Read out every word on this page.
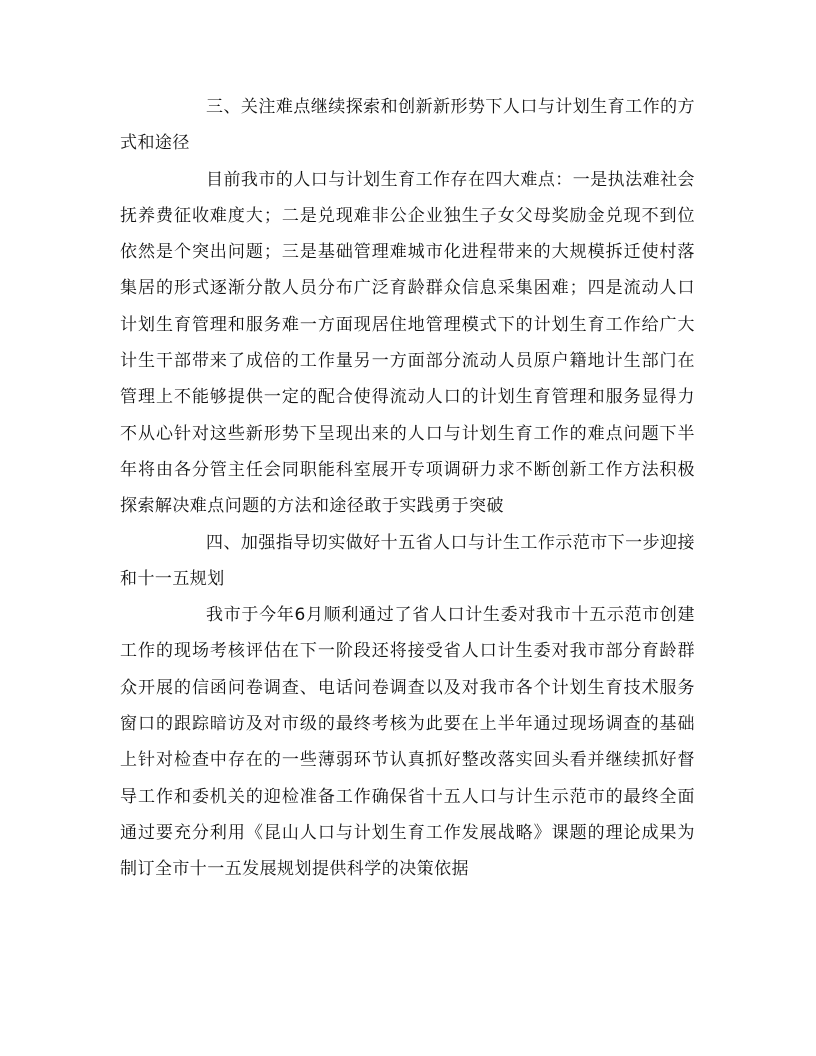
三、关注难点继续探索和创新新形势下人口与计划生育工作的方式和途径

目前我市的人口与计划生育工作存在四大难点：一是执法难社会抚养费征收难度大；二是兑现难非公企业独生子女父母奖励金兑现不到位依然是个突出问题；三是基础管理难城市化进程带来的大规模拆迁使村落集居的形式逐渐分散人员分布广泛育龄群众信息采集困难；四是流动人口计划生育管理和服务难一方面现居住地管理模式下的计划生育工作给广大计生干部带来了成倍的工作量另一方面部分流动人员原户籍地计生部门在管理上不能够提供一定的配合使得流动人口的计划生育管理和服务显得力不从心针对这些新形势下呈现出来的人口与计划生育工作的难点问题下半年将由各分管主任会同职能科室展开专项调研力求不断创新工作方法积极探索解决难点问题的方法和途径敢于实践勇于突破

四、加强指导切实做好十五省人口与计生工作示范市下一步迎接和十一五规划

我市于今年6月顺利通过了省人口计生委对我市十五示范市创建工作的现场考核评估在下一阶段还将接受省人口计生委对我市部分育龄群众开展的信函问卷调查、电话问卷调查以及对我市各个计划生育技术服务窗口的跟踪暗访及对市级的最终考核为此要在上半年通过现场调查的基础上针对检查中存在的一些薄弱环节认真抓好整改落实回头看并继续抓好督导工作和委机关的迎检准备工作确保省十五人口与计生示范市的最终全面通过要充分利用《昆山人口与计划生育工作发展战略》课题的理论成果为制订全市十一五发展规划提供科学的决策依据
